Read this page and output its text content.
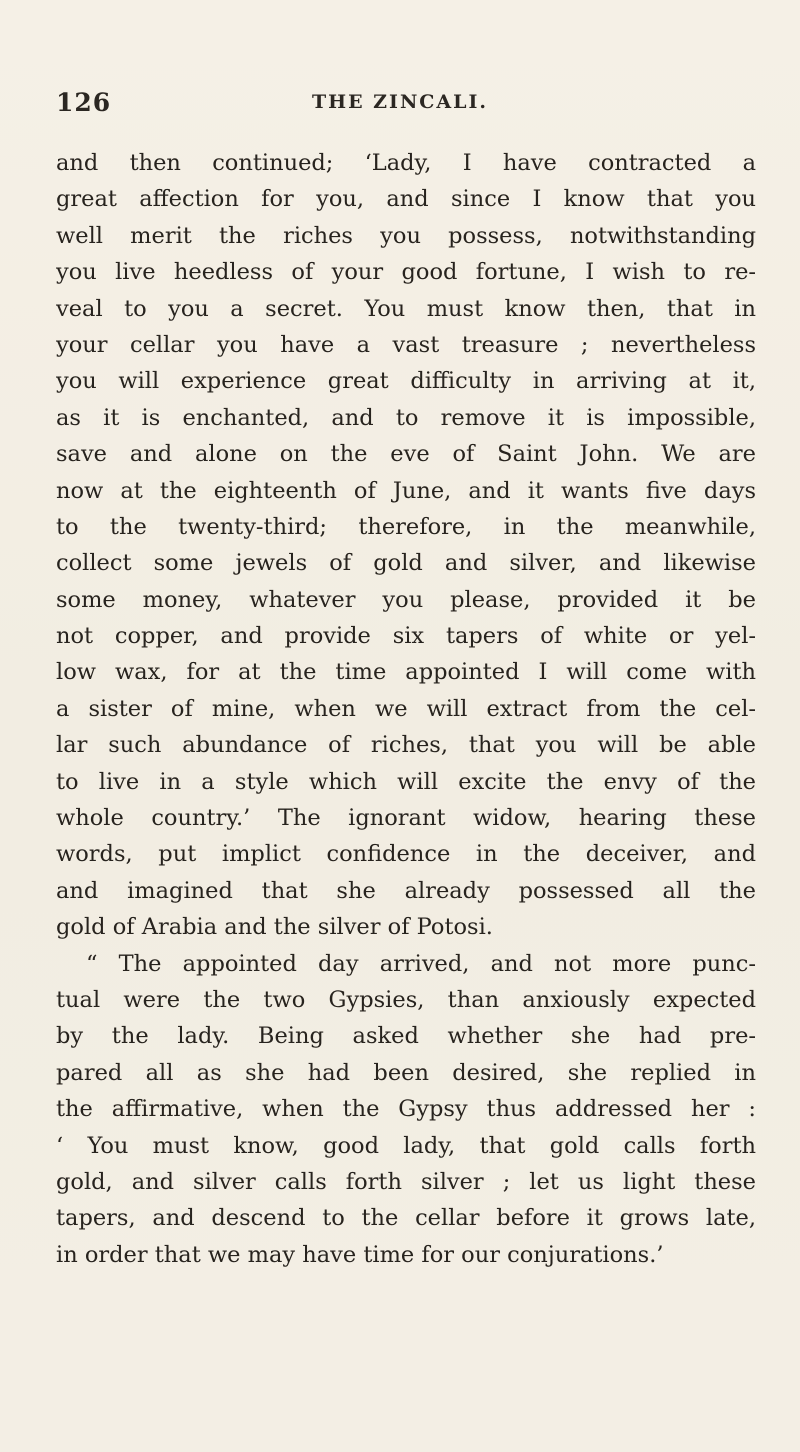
126	THE ZINCALI.
and then continued; ‘Lady, I have contracted a
great affection for you, and since I know that you
well merit the riches you possess, notwithstanding
you live heedless of your good fortune, I wish to re-
veal to you a secret. You must know then, that in
your cellar you have a vast treasure ; nevertheless
you will experience great difficulty in arriving at it,
as it is enchanted, and to remove it is impossible,
save and alone on the eve of Saint John. We are
now at the eighteenth of June, and it wants five days
to the twenty-third; therefore, in the meanwhile,
collect some jewels of gold and silver, and likewise
some money, whatever you please, provided it be
not copper, and provide six tapers of white or yel-
low wax, for at the time appointed I will come with
a sister of mine, when we will extract from the cel-
lar such abundance of riches, that you will be able
to live in a style which will excite the envy of the
whole country.’ The ignorant widow, hearing these
words, put implict confidence in the deceiver, and
and imagined that she already possessed all the
gold of Arabia and the silver of Potosi.
“ The appointed day arrived, and not more punc-
tual were the two Gypsies, than anxiously expected
by the lady. Being asked whether she had pre-
pared all as she had been desired, she replied in
the affirmative, when the Gypsy thus addressed her :
‘ You must know, good lady, that gold calls forth
gold, and silver calls forth silver ; let us light these
tapers, and descend to the cellar before it grows late,
in order that we may have time for our conjurations.’
